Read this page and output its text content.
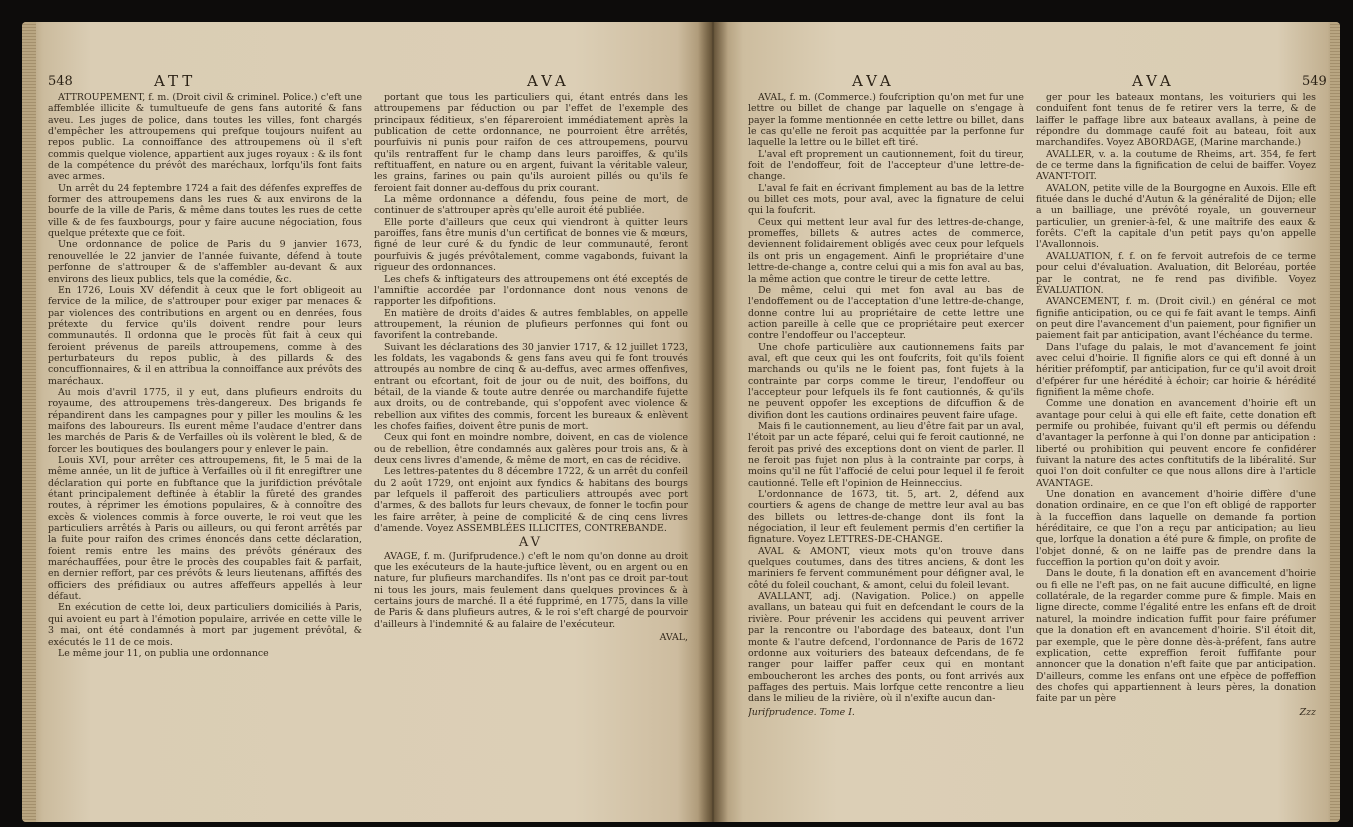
548	ATT	AVA

ATTROUPEMENT, f. m. (Droit civil & criminel. Police.) c'eft une affemblée illicite & tumultueufe de gens fans autorité & fans aveu. Les juges de police, dans toutes les villes, font chargés d'empêcher les attroupemens qui prefque toujours nuifent au repos public. La connoiffance des attroupemens où il s'eft commis quelque violence, appartient aux juges royaux : & ils font de la compétence du prévôt des maréchaux, lorfqu'ils font faits avec armes.

Un arrêt du 24 feptembre 1724 a fait des défenfes expreffes de former des attroupemens dans les rues & aux environs de la bourfe de la ville de Paris, & même dans toutes les rues de cette ville & de fes fauxbourgs, pour y faire aucune négociation, fous quelque prétexte que ce foit.

Une ordonnance de police de Paris du 9 janvier 1673, renouvellée le 22 janvier de l'année fuivante, défend à toute perfonne de s'attrouper & de s'affembler au-devant & aux environs des lieux publics, tels que la comédie, &c.

En 1726, Louis XV défendit à ceux que le fort obligeoit au fervice de la milice, de s'attrouper pour exiger par menaces & par violences des contributions en argent ou en denrées, fous prétexte du fervice qu'ils doivent rendre pour leurs communautés. Il ordonna que le procès fût fait à ceux qui feroient prévenus de pareils attroupemens, comme à des perturbateurs du repos public, à des pillards & des concuffionnaires, & il en attribua la connoiffance aux prévôts des maréchaux.

Au mois d'avril 1775, il y eut, dans plufieurs endroits du royaume, des attroupemens très-dangereux. Des brigands fe répandirent dans les campagnes pour y piller les moulins & les maifons des laboureurs. Ils eurent même l'audace d'entrer dans les marchés de Paris & de Verfailles où ils volèrent le bled, & de forcer les boutiques des boulangers pour y enlever le pain.

Louis XVI, pour arrêter ces attroupemens, fit, le 5 mai de la même année, un lit de juftice à Verfailles où il fit enregiftrer une déclaration qui porte en fubftance que la jurifdiction prévôtale étant principalement deftinée à établir la fûreté des grandes routes, à réprimer les émotions populaires, & à connoître des excès & violences commis à force ouverte, le roi veut que les particuliers arrêtés à Paris ou ailleurs, ou qui feront arrêtés par la fuite pour raifon des crimes énoncés dans cette déclaration, foient remis entre les mains des prévôts généraux des maréchauffées, pour être le procès des coupables fait & parfait, en dernier reffort, par ces prévôts & leurs lieutenans, affiftés des officiers des préfidiaux ou autres affeffeurs appellés à leur défaut.

En exécution de cette loi, deux particuliers domiciliés à Paris, qui avoient eu part à l'émotion populaire, arrivée en cette ville le 3 mai, ont été condamnés à mort par jugement prévôtal, & exécutés le 11 de ce mois.

Le même jour 11, on publia une ordonnance

portant que tous les particuliers qui, étant entrés dans les attroupemens par féduction ou par l'effet de l'exemple des principaux féditieux, s'en fépareroient immédiatement après la publication de cette ordonnance, ne pourroient être arrêtés, pourfuivis ni punis pour raifon de ces attroupemens, pourvu qu'ils rentraffent fur le champ dans leurs paroiffes, & qu'ils reftituaffent, en nature ou en argent, fuivant la véritable valeur, les grains, farines ou pain qu'ils auroient pillés ou qu'ils fe feroient fait donner au-deffous du prix courant.

La même ordonnance a défendu, fous peine de mort, de continuer de s'attrouper après qu'elle auroit été publiée.

Elle porte d'ailleurs que ceux qui viendront à quitter leurs paroiffes, fans être munis d'un certificat de bonnes vie & mœurs, figné de leur curé & du fyndic de leur communauté, feront pourfuivis & jugés prévôtalement, comme vagabonds, fuivant la rigueur des ordonnances.

Les chefs & inftigateurs des attroupemens ont été exceptés de l'amniftie accordée par l'ordonnance dont nous venons de rapporter les difpofitions.

En matière de droits d'aides & autres femblables, on appelle attroupement, la réunion de plufieurs perfonnes qui font ou favorifent la contrebande.

Suivant les déclarations des 30 janvier 1717, & 12 juillet 1723, les foldats, les vagabonds & gens fans aveu qui fe font trouvés attroupés au nombre de cinq & au-deffus, avec armes offenfives, entrant ou efcortant, foit de jour ou de nuit, des boiffons, du bétail, de la viande & toute autre denrée ou marchandife fujette aux droits, ou de contrebande, qui s'oppofent avec violence & rebellion aux vifites des commis, forcent les bureaux & enlèvent les chofes faifies, doivent être punis de mort.

Ceux qui font en moindre nombre, doivent, en cas de violence ou de rebellion, être condamnés aux galères pour trois ans, & à deux cens livres d'amende, & même de mort, en cas de récidive.

Les lettres-patentes du 8 décembre 1722, & un arrêt du confeil du 2 août 1729, ont enjoint aux fyndics & habitans des bourgs par lefquels il pafferoit des particuliers attroupés avec port d'armes, & des ballots fur leurs chevaux, de fonner le tocfin pour les faire arrêter, à peine de complicité & de cinq cens livres d'amende. Voyez ASSEMBLÉES ILLICITES, CONTREBANDE.

AV

AVAGE, f. m. (Jurifprudence.) c'eft le nom qu'on donne au droit que les exécuteurs de la haute-juftice lèvent, ou en argent ou en nature, fur plufieurs marchandifes. Ils n'ont pas ce droit par-tout ni tous les jours, mais feulement dans quelques provinces & à certains jours de marché. Il a été fupprimé, en 1775, dans la ville de Paris & dans plufieurs autres, & le roi s'eft chargé de pourvoir d'ailleurs à l'indemnité & au falaire de l'exécuteur.

AVAL,

AVA	AVA	549

AVAL, f. m. (Commerce.) foufcription qu'on met fur une lettre ou billet de change par laquelle on s'engage à payer la fomme mentionnée en cette lettre ou billet, dans le cas qu'elle ne feroit pas acquittée par la perfonne fur laquelle la lettre ou le billet eft tiré.

L'aval eft proprement un cautionnement, foit du tireur, foit de l'endoffeur, foit de l'accepteur d'une lettre-de-change.

L'aval fe fait en écrivant fimplement au bas de la lettre ou billet ces mots, pour aval, avec la fignature de celui qui la foufcrit.

Ceux qui mettent leur aval fur des lettres-de-change, promeffes, billets & autres actes de commerce, deviennent folidairement obligés avec ceux pour lefquels ils ont pris un engagement. Ainfi le propriétaire d'une lettre-de-change a, contre celui qui a mis fon aval au bas, la même action que contre le tireur de cette lettre.

De même, celui qui met fon aval au bas de l'endoffement ou de l'acceptation d'une lettre-de-change, donne contre lui au propriétaire de cette lettre une action pareille à celle que ce propriétaire peut exercer contre l'endoffeur ou l'accepteur.

Une chofe particulière aux cautionnemens faits par aval, eft que ceux qui les ont foufcrits, foit qu'ils foient marchands ou qu'ils ne le foient pas, font fujets à la contrainte par corps comme le tireur, l'endoffeur ou l'accepteur pour lefquels ils fe font cautionnés, & qu'ils ne peuvent oppofer les exceptions de difcuffion & de divifion dont les cautions ordinaires peuvent faire ufage.

Mais fi le cautionnement, au lieu d'être fait par un aval, l'étoit par un acte féparé, celui qui fe feroit cautionné, ne feroit pas privé des exceptions dont on vient de parler. Il ne feroit pas fujet non plus à la contrainte par corps, à moins qu'il ne fût l'affocié de celui pour lequel il fe feroit cautionné. Telle eft l'opinion de Heinneccius.

L'ordonnance de 1673, tit. 5, art. 2, défend aux courtiers & agens de change de mettre leur aval au bas des billets ou lettres-de-change dont ils font la négociation, il leur eft feulement permis d'en certifier la fignature. Voyez LETTRES-DE-CHANGE.

AVAL & AMONT, vieux mots qu'on trouve dans quelques coutumes, dans des titres anciens, & dont les mariniers fe fervent communément pour défigner aval, le côté du foleil couchant, & amont, celui du foleil levant.

AVALLANT, adj. (Navigation. Police.) on appelle avallans, un bateau qui fuit en defcendant le cours de la rivière. Pour prévenir les accidens qui peuvent arriver par la rencontre ou l'abordage des bateaux, dont l'un monte & l'autre defcend, l'ordonnance de Paris de 1672 ordonne aux voituriers des bateaux defcendans, de fe ranger pour laiffer paffer ceux qui en montant emboucheront les arches des ponts, ou font arrivés aux paffages des pertuis. Mais lorfque cette rencontre a lieu dans le milieu de la rivière, où il n'exifte aucun dan-

Jurifprudence. Tome I.

ger pour les bateaux montans, les voituriers qui les conduifent font tenus de fe retirer vers la terre, & de laiffer le paffage libre aux bateaux avallans, à peine de répondre du dommage caufé foit au bateau, foit aux marchandifes. Voyez ABORDAGE, (Marine marchande.)

AVALLER, v. a. la coutume de Rheims, art. 354, fe fert de ce terme dans la fignification de celui de baiffer. Voyez AVANT-TOIT.

AVALON, petite ville de la Bourgogne en Auxois. Elle eft fituée dans le duché d'Autun & la généralité de Dijon; elle a un bailliage, une prévôté royale, un gouverneur particulier, un grenier-à-fel, & une maîtrife des eaux & forêts. C'eft la capitale d'un petit pays qu'on appelle l'Avallonnois.

AVALUATION, f. f. on fe fervoit autrefois de ce terme pour celui d'évaluation. Avaluation, dit Beloréau, portée par le contrat, ne fe rend pas divifible. Voyez ÉVALUATION.

AVANCEMENT, f. m. (Droit civil.) en général ce mot fignifie anticipation, ou ce qui fe fait avant le temps. Ainfi on peut dire l'avancement d'un paiement, pour fignifier un paiement fait par anticipation, avant l'échéance du terme.

Dans l'ufage du palais, le mot d'avancement fe joint avec celui d'hoirie. Il fignifie alors ce qui eft donné à un héritier préfomptif, par anticipation, fur ce qu'il avoit droit d'efpérer fur une hérédité à échoir; car hoirie & hérédité fignifient la même chofe.

Comme une donation en avancement d'hoirie eft un avantage pour celui à qui elle eft faite, cette donation eft permife ou prohibée, fuivant qu'il eft permis ou défendu d'avantager la perfonne à qui l'on donne par anticipation : liberté ou prohibition qui peuvent encore fe confidérer fuivant la nature des actes conftitutifs de la libéralité. Sur quoi l'on doit confulter ce que nous allons dire à l'article AVANTAGE.

Une donation en avancement d'hoirie diffère d'une donation ordinaire, en ce que l'on eft obligé de rapporter à la fucceffion dans laquelle on demande fa portion héréditaire, ce que l'on a reçu par anticipation; au lieu que, lorfque la donation a été pure & fimple, on profite de l'objet donné, & on ne laiffe pas de prendre dans la fucceffion la portion qu'on doit y avoir.

Dans le doute, fi la donation eft en avancement d'hoirie ou fi elle ne l'eft pas, on ne fait aucune difficulté, en ligne collatérale, de la regarder comme pure & fimple. Mais en ligne directe, comme l'égalité entre les enfans eft de droit naturel, la moindre indication fuffit pour faire préfumer que la donation eft en avancement d'hoirie. S'il étoit dit, par exemple, que le père donne dès-à-préfent, fans autre explication, cette expreffion feroit fuffifante pour annoncer que la donation n'eft faite que par anticipation. D'ailleurs, comme les enfans ont une efpèce de poffeffion des chofes qui appartiennent à leurs pères, la donation faite par un père

Zzz
